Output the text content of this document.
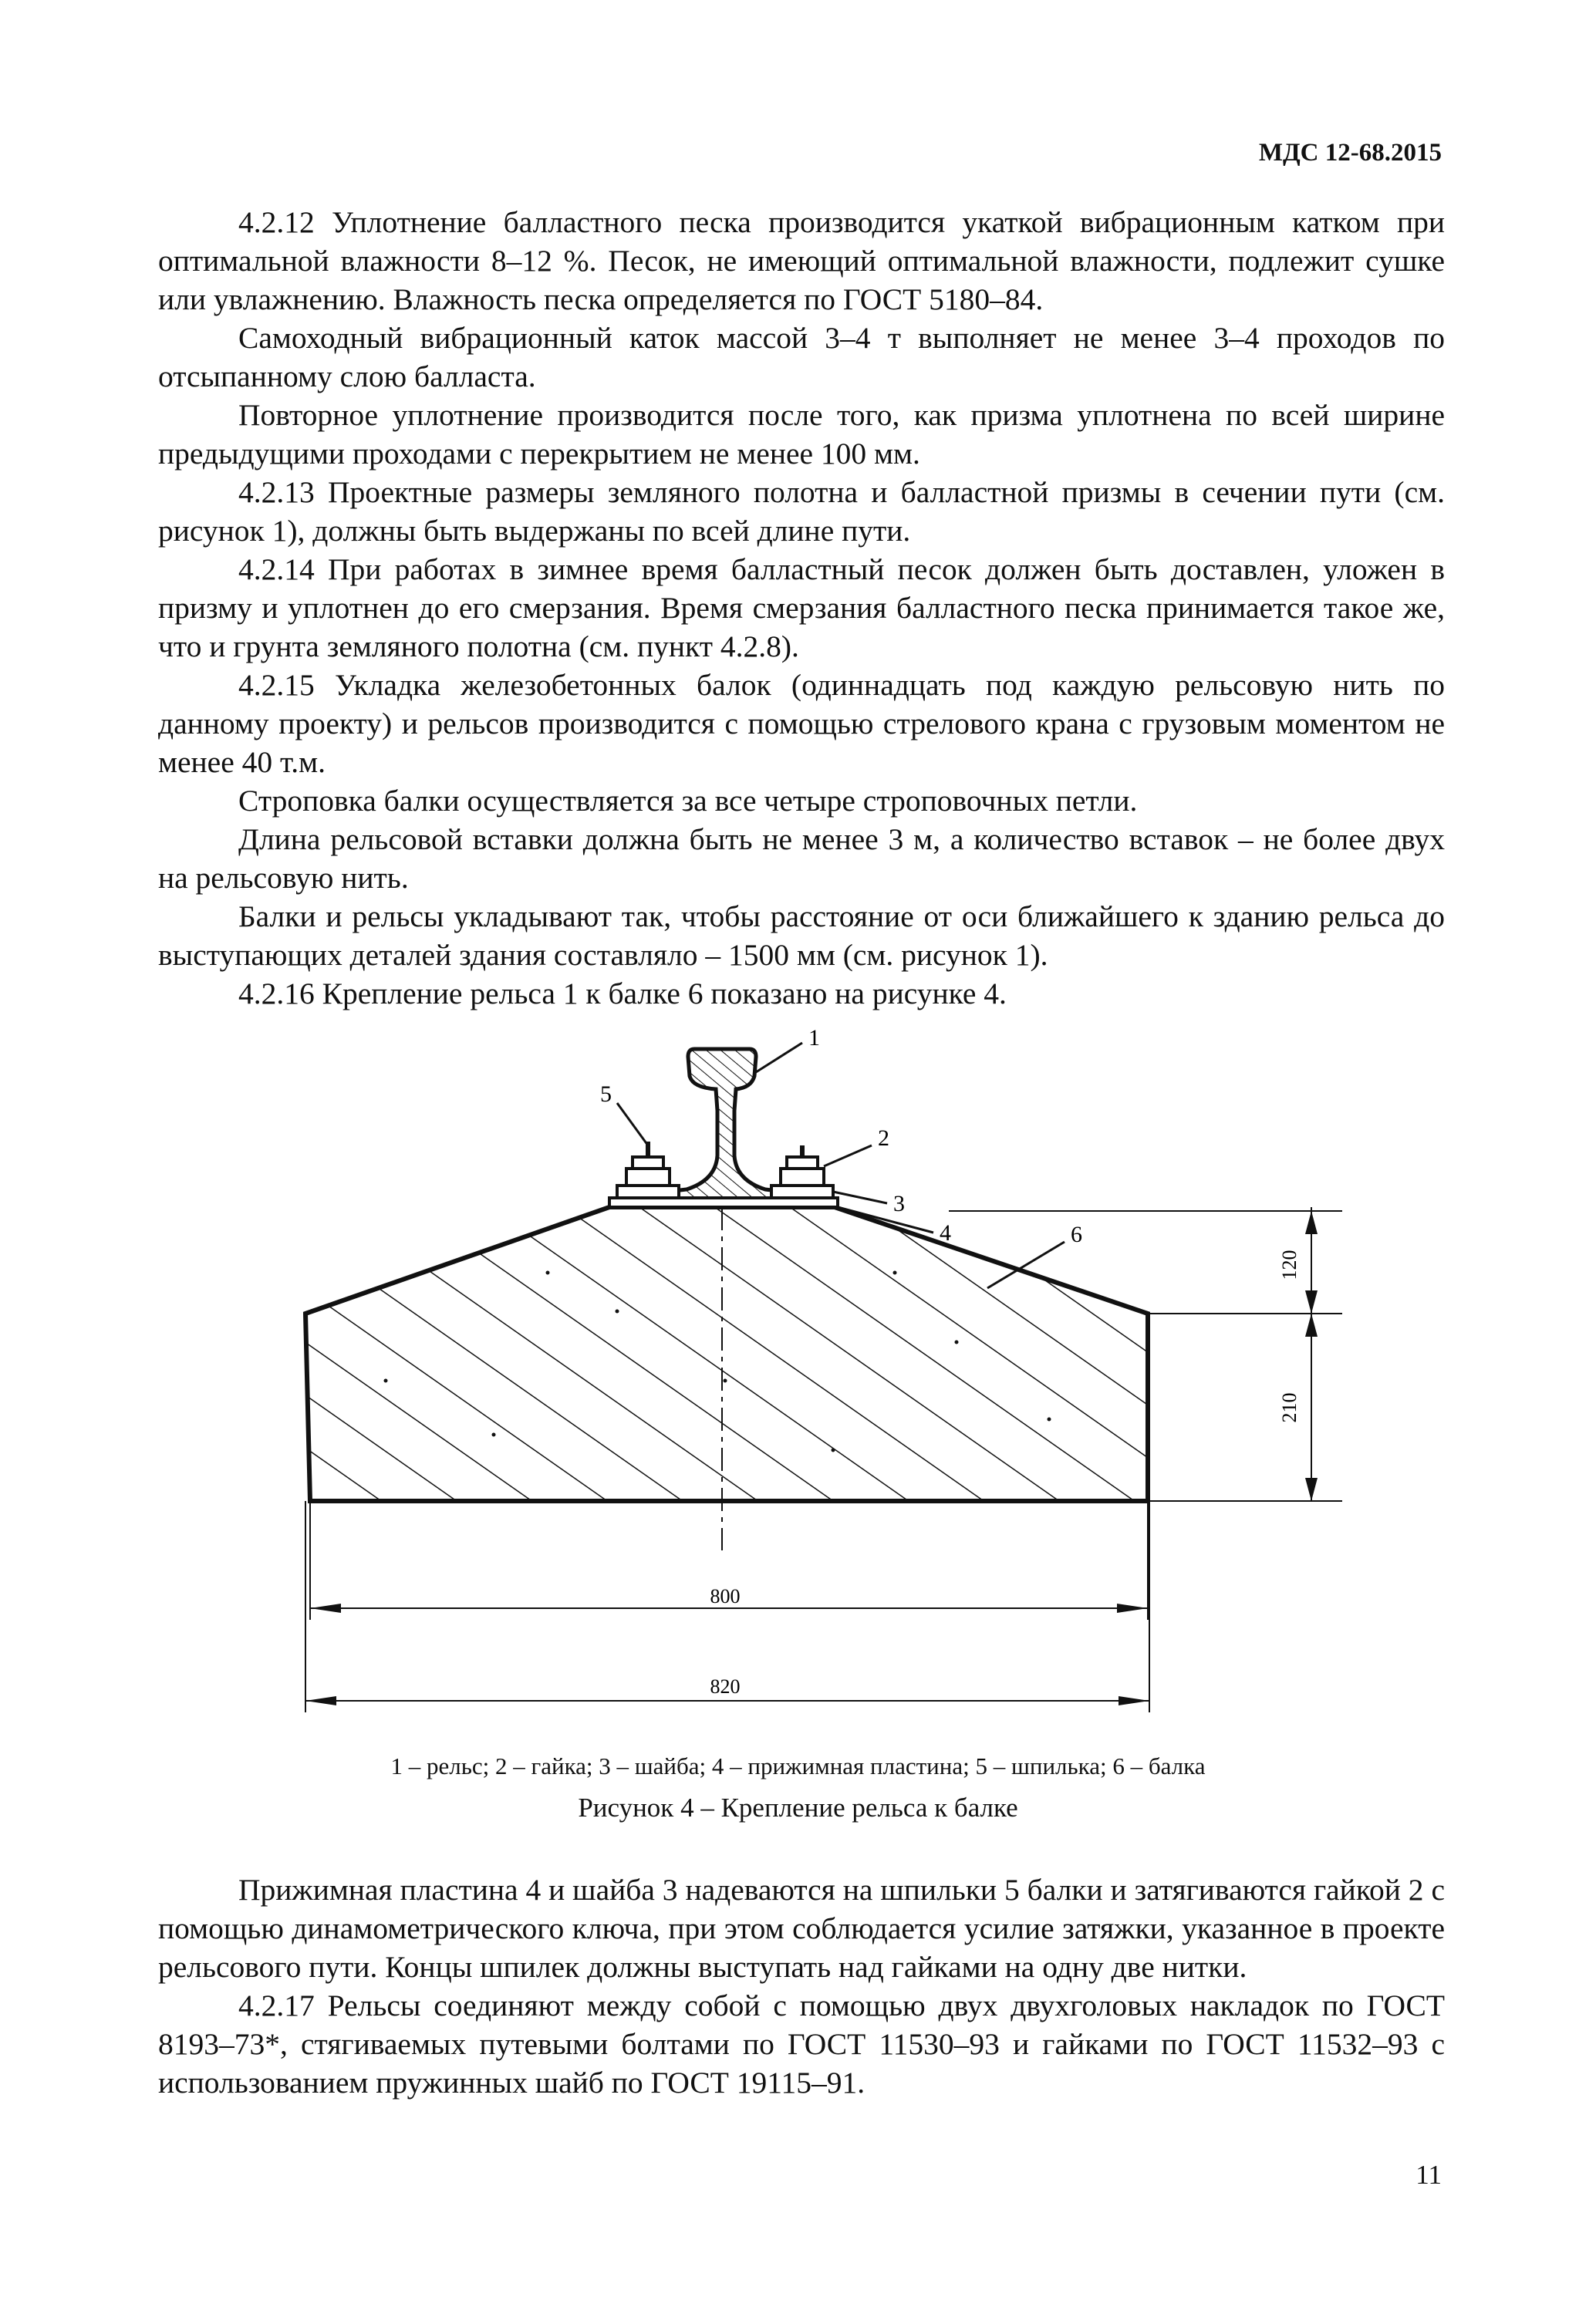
МДС 12-68.2015

4.2.12 Уплотнение балластного песка производится укаткой вибрационным катком при оптимальной влажности 8–12 %. Песок, не имеющий оптимальной влажности, подлежит сушке или увлажнению. Влажность песка определяется по ГОСТ 5180–84.

Самоходный вибрационный каток массой 3–4 т выполняет не менее 3–4 проходов по отсыпанному слою балласта.

Повторное уплотнение производится после того, как призма уплотнена по всей ширине предыдущими проходами с перекрытием не менее 100 мм.

4.2.13 Проектные размеры земляного полотна и балластной призмы в сечении пути (см. рисунок 1), должны быть выдержаны по всей длине пути.

4.2.14 При работах в зимнее время балластный песок должен быть доставлен, уложен в призму и уплотнен до его смерзания. Время смерзания балластного песка принимается такое же, что и грунта земляного полотна (см. пункт 4.2.8).

4.2.15 Укладка железобетонных балок (одиннадцать под каждую рельсовую нить по данному проекту) и рельсов производится с помощью стрелового крана с грузовым моментом не менее 40 т.м.

Строповка балки осуществляется за все четыре строповочных петли.

Длина рельсовой вставки должна быть не менее 3 м, а количество вставок – не более двух на рельсовую нить.

Балки и рельсы укладывают так, чтобы расстояние от оси ближайшего к зданию рельса до выступающих деталей здания составляло – 1500 мм (см. рисунок 1).

4.2.16 Крепление рельса 1 к балке 6 показано на рисунке 4.

1
2
3
4
5
6
120
210
800
820
1 – рельс; 2 – гайка; 3 – шайба; 4 – прижимная пластина; 5 – шпилька; 6 – балка
Рисунок 4 – Крепление рельса к балке

Прижимная пластина 4 и шайба 3 надеваются на шпильки 5 балки и затягиваются гайкой 2 с помощью динамометрического ключа, при этом соблюдается усилие затяжки, указанное в проекте рельсового пути. Концы шпилек должны выступать над гайками на одну две нитки.

4.2.17 Рельсы соединяют между собой с помощью двух двухголовых накладок по ГОСТ 8193–73*, стягиваемых путевыми болтами по ГОСТ 11530–93 и гайками по ГОСТ 11532–93 с использованием пружинных шайб по ГОСТ 19115–91.

11
